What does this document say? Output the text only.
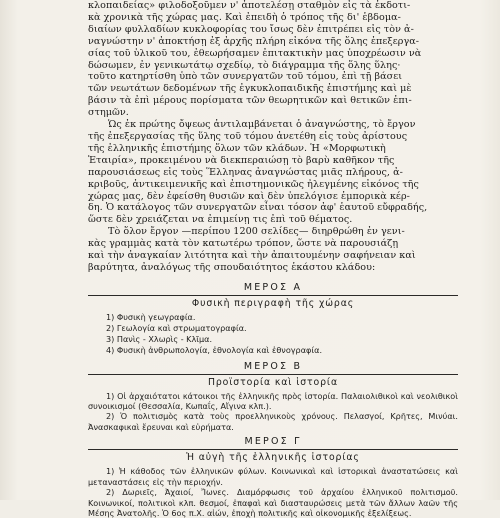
κλοπαιδείας» φιλοδοξοῦμεν ν' ἀποτελέσῃ σταθμὸν εἰς τὰ ἐκδοτι-

κὰ χρονικὰ τῆς χώρας μας. Καὶ ἐπειδὴ ὁ τρόπος τῆς δι' ἑβδομα-

διαίων φυλλαδίων κυκλοφορίας του ἴσως δὲν ἐπιτρέπει εἰς τὸν ἀ-

ναγνώστην ν' ἀποκτήσῃ ἐξ ἀρχῆς πλήρη εἰκόνα τῆς ὅλης ἐπεξεργα-

σίας τοῦ ὑλικοῦ του, ἐθεωρήσαμεν ἐπιτακτικὴν μας ὑποχρέωσιν νὰ

δώσωμεν, ἐν γενικωτάτῳ σχεδίῳ, τὸ διάγραμμα τῆς ὅλης ὕλης·

τοῦτο κατηρτίσθη ὑπὸ τῶν συνεργατῶν τοῦ τόμου, ἐπὶ τῇ βάσει

τῶν νεωτάτων δεδομένων τῆς ἐγκυκλοπαιδικῆς ἐπιστήμης καὶ μὲ

βάσιν τὰ ἐπὶ μέρους πορίσματα τῶν θεωρητικῶν καὶ θετικῶν ἐπι-

στημῶν.

Ὡς ἐκ πρώτης ὄψεως ἀντιλαμβάνεται ὁ ἀναγνώστης, τὸ ἔργον

τῆς ἐπεξεργασίας τῆς ὕλης τοῦ τόμου ἀνετέθη εἰς τοὺς ἀρίστους

τῆς ἑλληνικῆς ἐπιστήμης ὅλων τῶν κλάδων. Ἡ «Μορφωτικὴ

Ἑταιρία», προκειμένου νὰ διεκπεραιώσῃ τὸ βαρὺ καθῆκον τῆς

παρουσιάσεως εἰς τοὺς Ἕλληνας ἀναγνώστας μιᾶς πλήρους, ἀ-

κριβοῦς, ἀντικειμενικῆς καὶ ἐπιστημονικῶς ἠλεγμένης εἰκόνος τῆς

χώρας μας, δὲν ἐφείσθη θυσιῶν καὶ δὲν ὑπελόγισε ἐμπορικὰ κέρ-

δη. Ὁ κατάλογος τῶν συνεργατῶν εἶναι τόσον ἀφ' ἑαυτοῦ εὔφραδής,

ὥστε δὲν χρειάζεται να ἐπιμείνῃ τις ἐπὶ τοῦ θέματος.

Τὸ ὅλον ἔργον —περίπου 1200 σελίδες— διηρθρώθη ἐν γενι-

κὰς γραμμὰς κατὰ τὸν κατωτέρω τρόπον, ὥστε νὰ παρουσιάζῃ

καὶ τὴν ἀναγκαίαν λιτότητα καὶ τὴν ἀπαιτουμένην σαφήνειαν καὶ

βαρύτητα, ἀναλόγως τῆς σπουδαιότητος ἑκάστου κλάδου:

ΜΕΡΟΣ Α

Φυσικὴ περιγραφὴ τῆς χώρας

1) Φυσικὴ γεωγραφία.
2) Γεωλογία καὶ στρωματογραφία.
3) Πανὶς - Χλωρὶς - Κλῖμα.
4) Φυσικὴ ἀνθρωπολογία, ἐθνολογία καὶ ἐθνογραφία.

ΜΕΡΟΣ Β

Προϊστορία καὶ ἱστορία

1) Οἱ ἀρχαιότατοι κάτοικοι τῆς ἑλληνικῆς πρὸς ἱστορία. Παλαιολιθικοὶ καὶ νεολιθικοὶ συνοικισμοί (Θεσσαλία, Κωπαΐς, Αἴγινα κλπ.).

2) Ὁ πολιτισμὸς κατὰ τοὺς προελληνικοὺς χρόνους. Πελασγοί, Κρῆτες, Μινύαι. Ἀνασκαφικαὶ ἔρευναι καὶ εὑρήματα.

ΜΕΡΟΣ Γ

Ἡ αὐγὴ τῆς ἑλληνικῆς ἱστορίας

1) Ἡ κάθοδος τῶν ἑλληνικῶν φύλων. Κοινωνικαὶ καὶ ἱστορικαὶ ἀναστατώσεις καὶ μεταναστάσεις εἰς τὴν περιοχήν.

2) Δωριεῖς, Ἀχαιοί, Ἴωνες. Διαμόρφωσις τοῦ ἀρχαίου ἑλληνικοῦ πολιτισμοῦ. Κοινωνικοί, πολιτικοὶ κλπ. θεσμοί, ἐπαφαὶ καὶ διασταυρώσεις μετὰ τῶν ἄλλων λαῶν τῆς Μέσης Ἀνατολῆς. Ὁ 6ος π.Χ. αἰών, ἐποχὴ πολιτικῆς καὶ οἰκονομικῆς ἐξελίξεως.
